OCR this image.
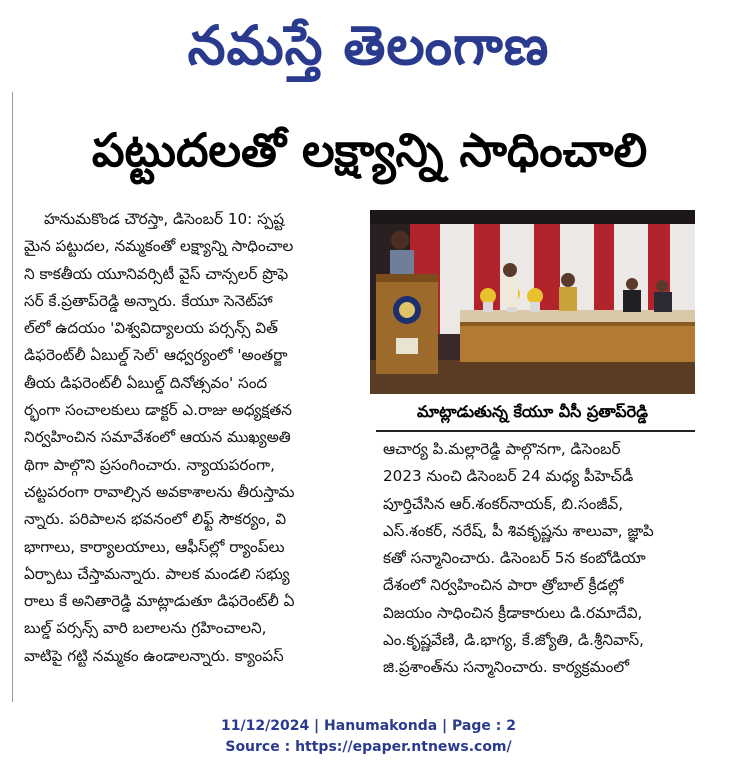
నమస్తే తెలంగాణ
పట్టుదలతో లక్ష్యాన్ని సాధించాలి
హనుమకొండ చౌరస్తా, డిసెంబర్ 10: స్పష్ట
మైన పట్టుదల, నమ్మకంతో లక్ష్యాన్ని సాధించాల
ని కాకతీయ యూనివర్సిటీ వైస్ చాన్సలర్ ప్రొఫె
సర్ కే.ప్రతాప్‌రెడ్డి అన్నారు. కేయూ సెనెట్‌హా
ల్‌లో ఉదయం 'విశ్వవిద్యాలయ పర్సన్స్ విత్
డిఫరెంట్‌లీ ఏబుల్డ్ సెల్' ఆధ్వర్యంలో 'అంతర్జా
తీయ డిఫరెంట్‌లీ ఏబుల్డ్ దినోత్సవం' సంద
ర్భంగా సంచాలకులు డాక్టర్ ఎ.రాజు అధ్యక్షతన
నిర్వహించిన సమావేశంలో ఆయన ముఖ్యఅతి
థిగా పాల్గొని ప్రసంగించారు. న్యాయపరంగా,
చట్టపరంగా రావాల్సిన అవకాశాలను తీరుస్తామ
న్నారు. పరిపాలన భవనంలో లిఫ్ట్ సౌకర్యం, వి
భాగాలు, కార్యాలయాలు, ఆఫీస్‌ల్లో ర్యాంప్‌లు
ఏర్పాటు చేస్తామన్నారు. పాలక మండలి సభ్యు
రాలు కే అనితారెడ్డి మాట్లాడుతూ డిఫరెంట్‌లీ ఏ
బుల్డ్ పర్సన్స్ వారి బలాలను గ్రహించాలని,
వాటిపై గట్టి నమ్మకం ఉండాలన్నారు. క్యాంపస్
మాట్లాడుతున్న కేయూ వీసీ ప్రతాప్‌రెడ్డి
ఆచార్య పి.మల్లారెడ్డి పాల్గొనగా, డిసెంబర్
2023 నుంచి డిసెంబర్ 24 మధ్య పీహెచ్‌డీ
పూర్తిచేసిన ఆర్.శంకర్‌నాయక్, బి.సంజీవ్,
ఎస్.శంకర్, నరేష్, పీ శివకృష్ణను శాలువా, జ్ఞాపి
కతో సన్మానించారు. డిసెంబర్ 5న కంబోడియా
దేశంలో నిర్వహించిన పారా త్రోబాల్ క్రీడల్లో
విజయం సాధించిన క్రీడాకారులు డి.రమాదేవి,
ఎం.కృష్ణవేణి, డి.భాగ్య, కే.జ్యోతి, డి.శ్రీనివాస్,
జి.ప్రశాంత్‌ను సన్మానించారు. కార్యక్రమంలో
11/12/2024 | Hanumakonda | Page : 2
Source : https://epaper.ntnews.com/
